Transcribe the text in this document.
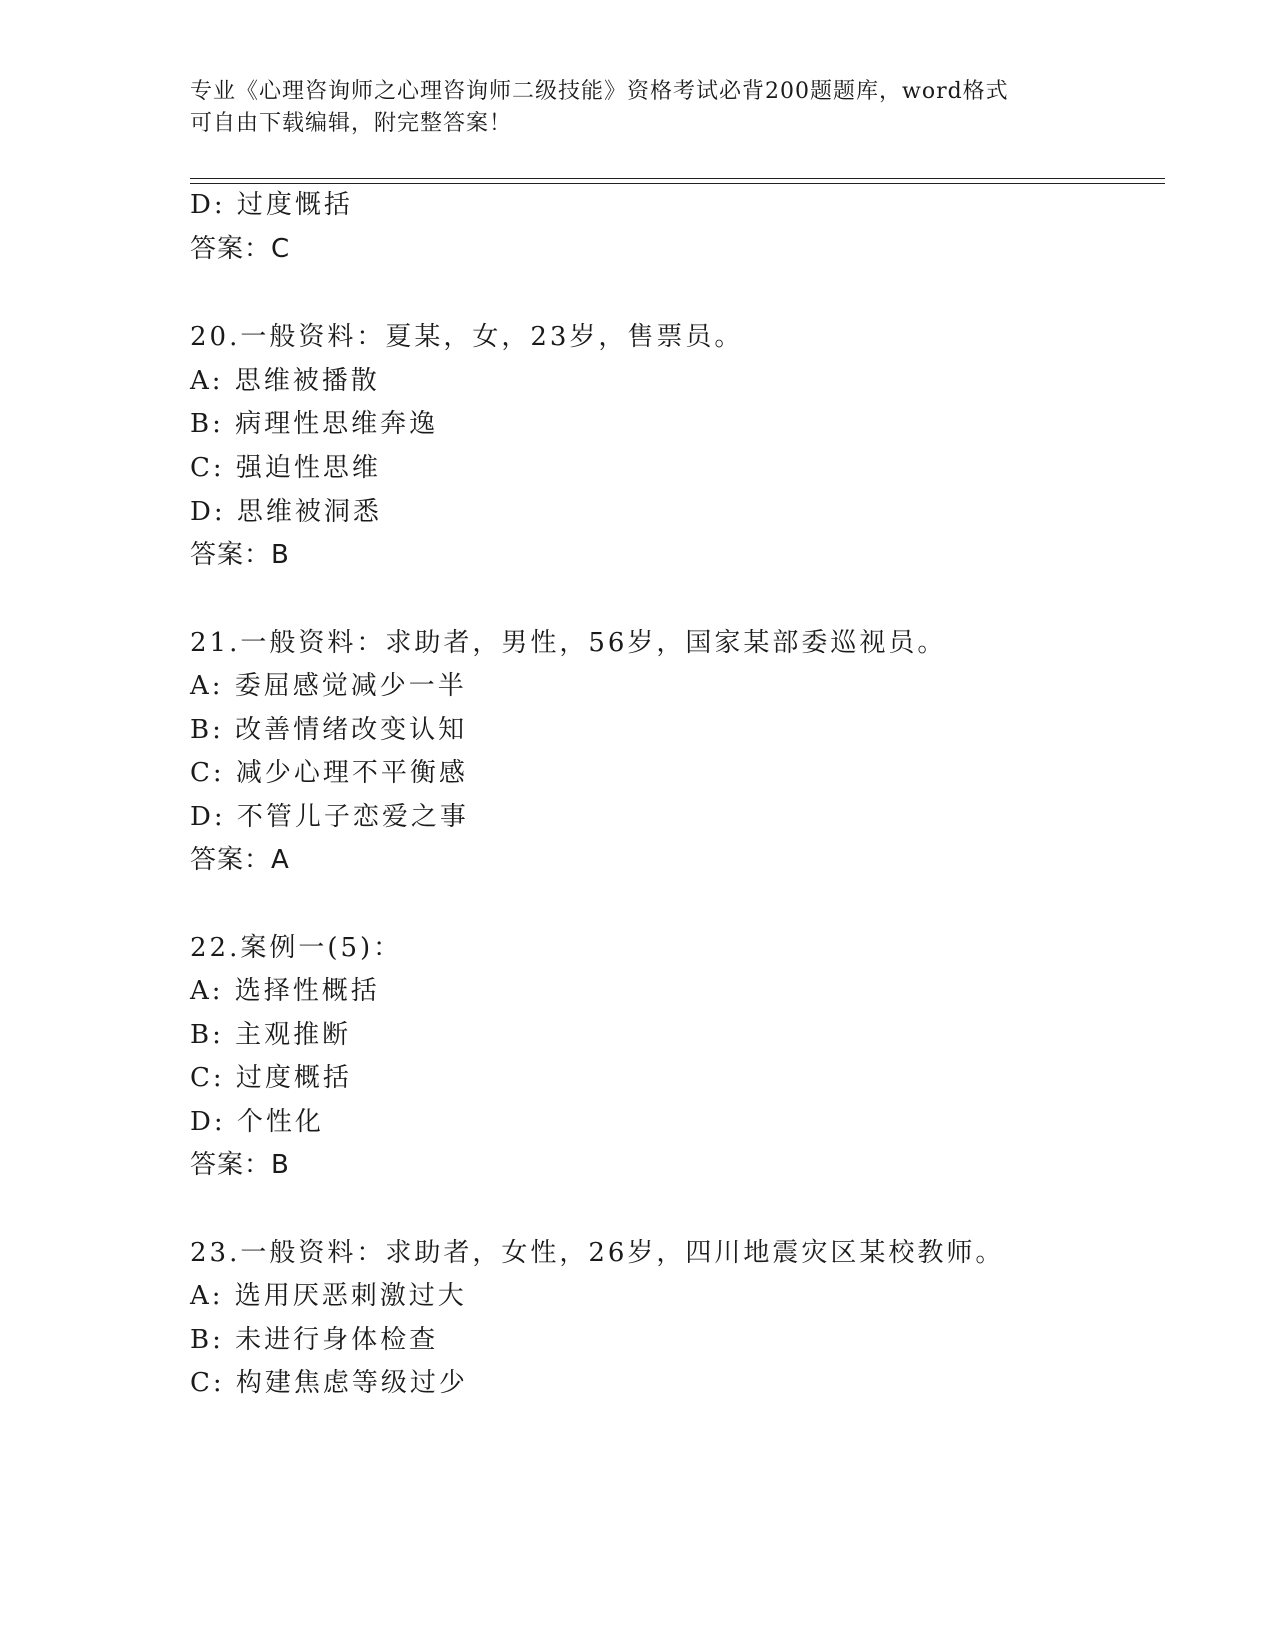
专业《心理咨询师之心理咨询师二级技能》资格考试必背200题题库，word格式
可自由下载编辑，附完整答案！
D: 过度慨括
答案：C
20.一般资料：夏某，女，23岁，售票员。
A: 思维被播散
B: 病理性思维奔逸
C: 强迫性思维
D: 思维被洞悉
答案：B
21.一般资料：求助者，男性，56岁，国家某部委巡视员。
A: 委屈感觉减少一半
B: 改善情绪改变认知
C: 减少心理不平衡感
D: 不管儿子恋爱之事
答案：A
22.案例一(5)：
A: 选择性概括
B: 主观推断
C: 过度概括
D: 个性化
答案：B
23.一般资料：求助者，女性，26岁，四川地震灾区某校教师。
A: 选用厌恶刺激过大
B: 未进行身体检查
C: 构建焦虑等级过少
